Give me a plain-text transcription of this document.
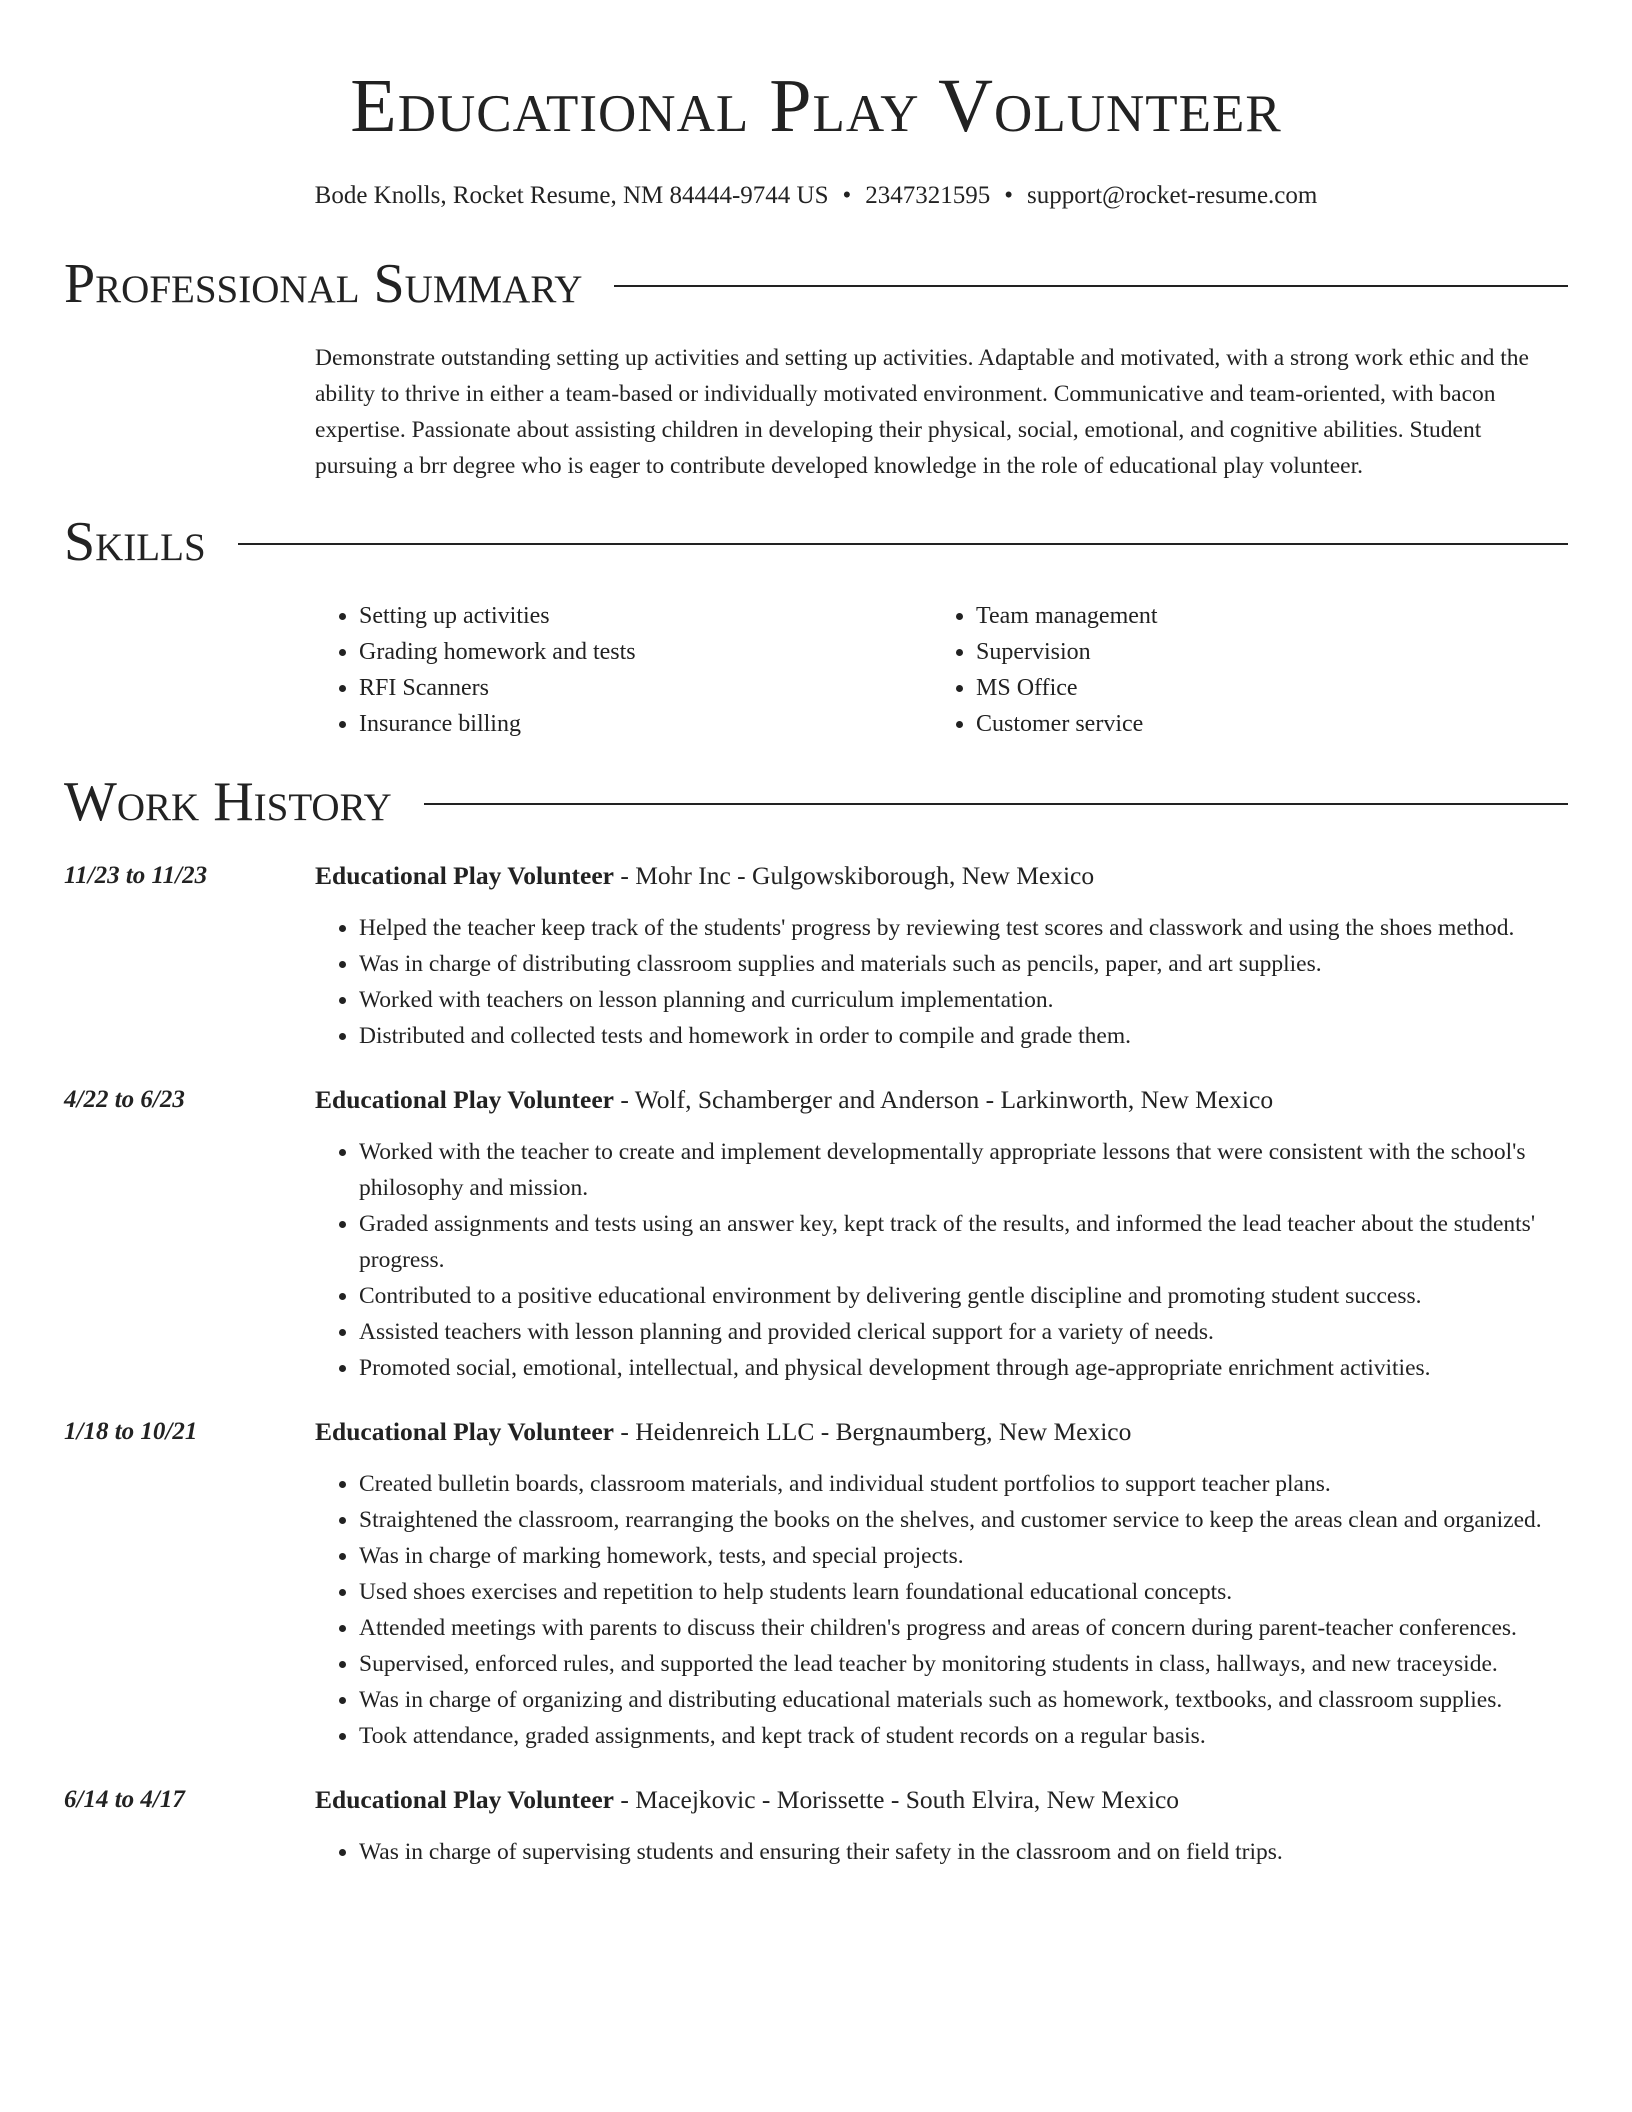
Educational Play Volunteer
Bode Knolls, Rocket Resume, NM 84444-9744 US • 2347321595 • support@rocket-resume.com
Professional Summary
Demonstrate outstanding setting up activities and setting up activities. Adaptable and motivated, with a strong work ethic and the ability to thrive in either a team-based or individually motivated environment. Communicative and team-oriented, with bacon expertise. Passionate about assisting children in developing their physical, social, emotional, and cognitive abilities. Student pursuing a brr degree who is eager to contribute developed knowledge in the role of educational play volunteer.
Skills
• Setting up activities
• Grading homework and tests
• RFI Scanners
• Insurance billing
• Team management
• Supervision
• MS Office
• Customer service
Work History
11/23 to 11/23	Educational Play Volunteer - Mohr Inc - Gulgowskiborough, New Mexico
• Helped the teacher keep track of the students' progress by reviewing test scores and classwork and using the shoes method.
• Was in charge of distributing classroom supplies and materials such as pencils, paper, and art supplies.
• Worked with teachers on lesson planning and curriculum implementation.
• Distributed and collected tests and homework in order to compile and grade them.
4/22 to 6/23	Educational Play Volunteer - Wolf, Schamberger and Anderson - Larkinworth, New Mexico
• Worked with the teacher to create and implement developmentally appropriate lessons that were consistent with the school's philosophy and mission.
• Graded assignments and tests using an answer key, kept track of the results, and informed the lead teacher about the students' progress.
• Contributed to a positive educational environment by delivering gentle discipline and promoting student success.
• Assisted teachers with lesson planning and provided clerical support for a variety of needs.
• Promoted social, emotional, intellectual, and physical development through age-appropriate enrichment activities.
1/18 to 10/21	Educational Play Volunteer - Heidenreich LLC - Bergnaumberg, New Mexico
• Created bulletin boards, classroom materials, and individual student portfolios to support teacher plans.
• Straightened the classroom, rearranging the books on the shelves, and customer service to keep the areas clean and organized.
• Was in charge of marking homework, tests, and special projects.
• Used shoes exercises and repetition to help students learn foundational educational concepts.
• Attended meetings with parents to discuss their children's progress and areas of concern during parent-teacher conferences.
• Supervised, enforced rules, and supported the lead teacher by monitoring students in class, hallways, and new traceyside.
• Was in charge of organizing and distributing educational materials such as homework, textbooks, and classroom supplies.
• Took attendance, graded assignments, and kept track of student records on a regular basis.
6/14 to 4/17	Educational Play Volunteer - Macejkovic - Morissette - South Elvira, New Mexico
• Was in charge of supervising students and ensuring their safety in the classroom and on field trips.
